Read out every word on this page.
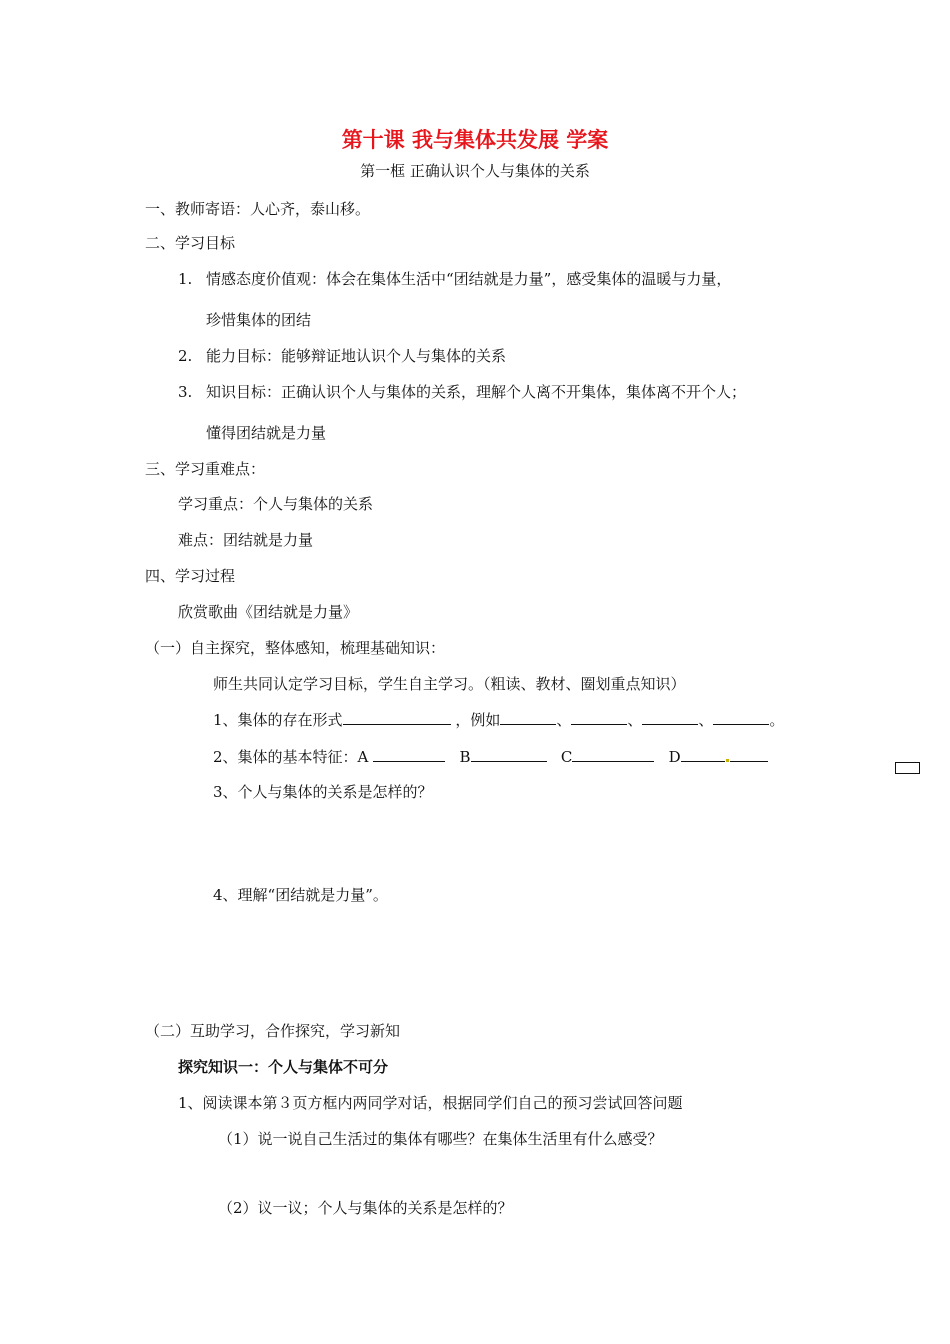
第十课 我与集体共发展 学案
第一框 正确认识个人与集体的关系
一、教师寄语：人心齐，泰山移。
二、学习目标
1. 情感态度价值观：体会在集体生活中“团结就是力量”，感受集体的温暖与力量，
珍惜集体的团结
2. 能力目标：能够辩证地认识个人与集体的关系
3. 知识目标：正确认识个人与集体的关系，理解个人离不开集体，集体离不开个人；
懂得团结就是力量
三、学习重难点：
学习重点：个人与集体的关系
难点：团结就是力量
四、学习过程
欣赏歌曲《团结就是力量》
（一）自主探究，整体感知，梳理基础知识：
师生共同认定学习目标，学生自主学习。（粗读、教材、圈划重点知识）
1、集体的存在形式	，例如	、	、	、	。
2、集体的基本特征：A	B	C	D
3、个人与集体的关系是怎样的？
4、理解“团结就是力量”。
（二）互助学习，合作探究，学习新知
探究知识一：个人与集体不可分
1、阅读课本第３页方框内两同学对话，根据同学们自己的预习尝试回答问题
（1）说一说自己生活过的集体有哪些？在集体生活里有什么感受？
（2）议一议；个人与集体的关系是怎样的？
